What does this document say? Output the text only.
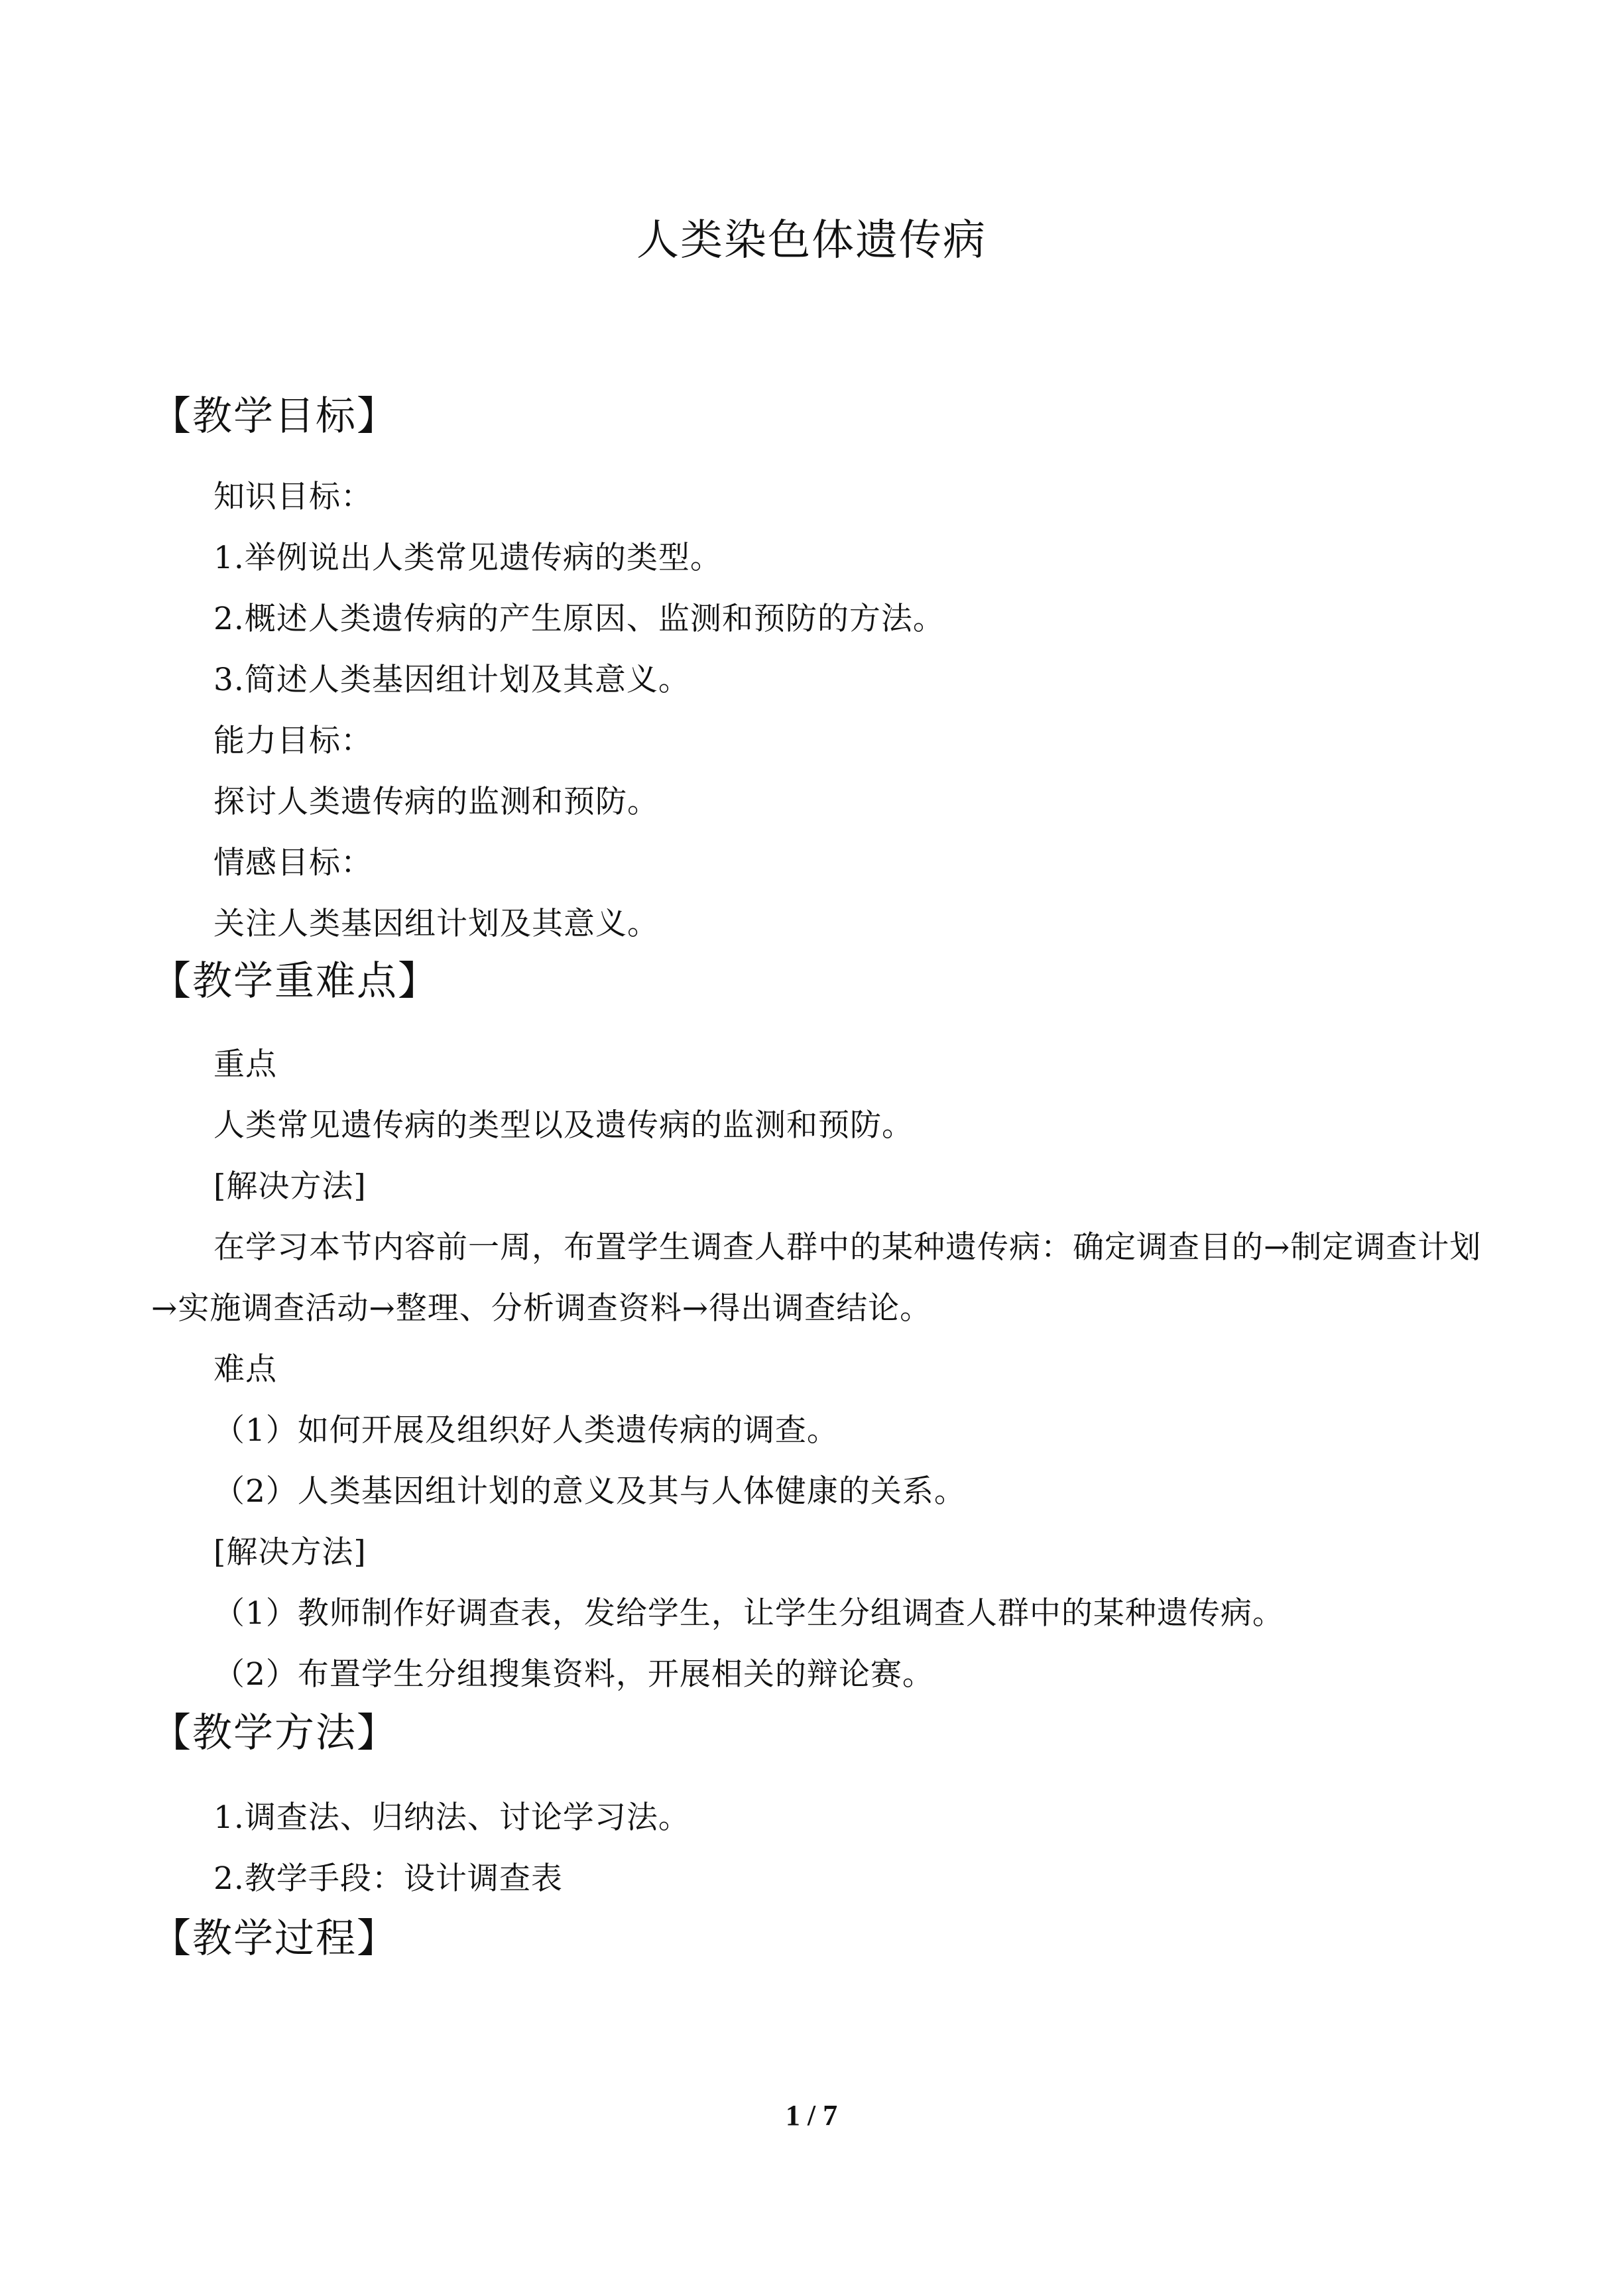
人类染色体遗传病
【教学目标】
知识目标：
1.举例说出人类常见遗传病的类型。
2.概述人类遗传病的产生原因、监测和预防的方法。
3.简述人类基因组计划及其意义。
能力目标：
探讨人类遗传病的监测和预防。
情感目标：
关注人类基因组计划及其意义。
【教学重难点】
重点
人类常见遗传病的类型以及遗传病的监测和预防。
[解决方法]
在学习本节内容前一周，布置学生调查人群中的某种遗传病：确定调查目的→制定调查计划→实施调查活动→整理、分析调查资料→得出调查结论。
难点
（1）如何开展及组织好人类遗传病的调查。
（2）人类基因组计划的意义及其与人体健康的关系。
[解决方法]
（1）教师制作好调查表，发给学生，让学生分组调查人群中的某种遗传病。
（2）布置学生分组搜集资料，开展相关的辩论赛。
【教学方法】
1.调查法、归纳法、讨论学习法。
2.教学手段：设计调查表
【教学过程】
1 / 7
